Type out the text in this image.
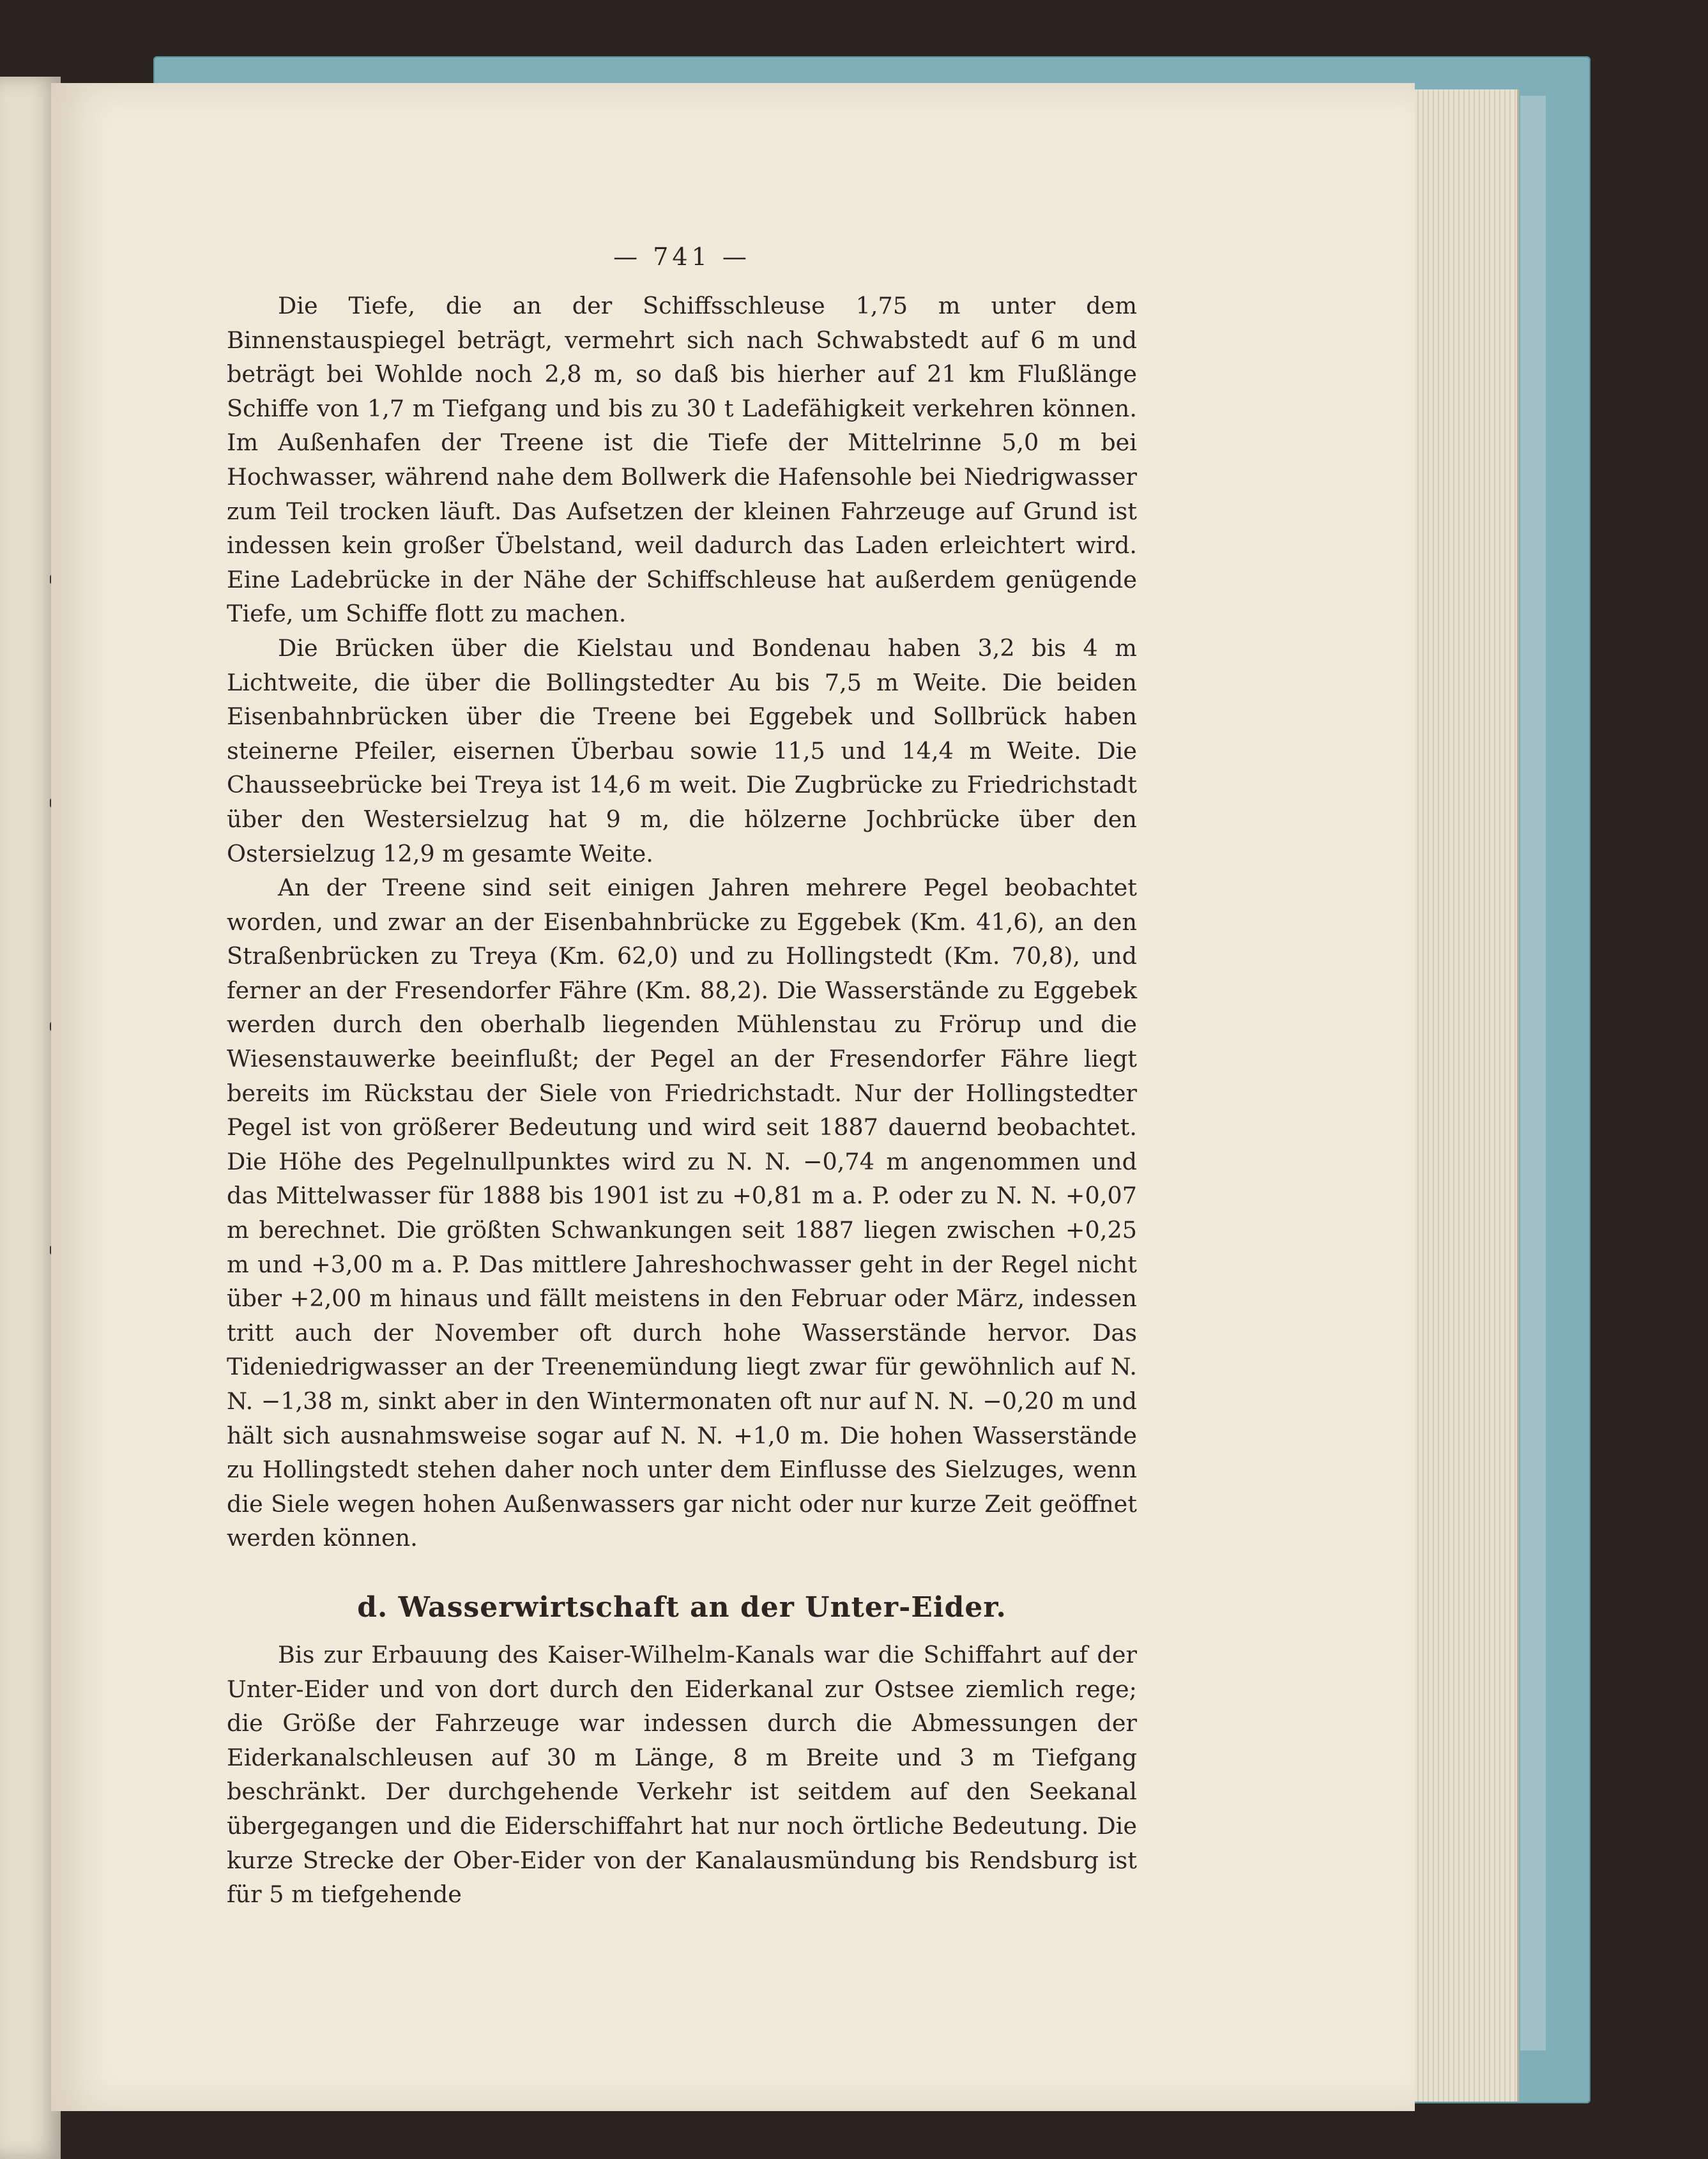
— 741 —

Die Tiefe, die an der Schiffsschleuse 1,75 m unter dem Binnenstauspiegel beträgt, vermehrt sich nach Schwabstedt auf 6 m und beträgt bei Wohlde noch 2,8 m, so daß bis hierher auf 21 km Flußlänge Schiffe von 1,7 m Tiefgang und bis zu 30 t Ladefähigkeit verkehren können. Im Außenhafen der Treene ist die Tiefe der Mittelrinne 5,0 m bei Hochwasser, während nahe dem Bollwerk die Hafensohle bei Niedrigwasser zum Teil trocken läuft. Das Aufsetzen der kleinen Fahrzeuge auf Grund ist indessen kein großer Übelstand, weil dadurch das Laden erleichtert wird. Eine Ladebrücke in der Nähe der Schiffschleuse hat außerdem genügende Tiefe, um Schiffe flott zu machen.

Die Brücken über die Kielstau und Bondenau haben 3,2 bis 4 m Lichtweite, die über die Bollingstedter Au bis 7,5 m Weite. Die beiden Eisenbahnbrücken über die Treene bei Eggebek und Sollbrück haben steinerne Pfeiler, eisernen Überbau sowie 11,5 und 14,4 m Weite. Die Chausseebrücke bei Treya ist 14,6 m weit. Die Zugbrücke zu Friedrichstadt über den Westersielzug hat 9 m, die hölzerne Jochbrücke über den Ostersielzug 12,9 m gesamte Weite.

An der Treene sind seit einigen Jahren mehrere Pegel beobachtet worden, und zwar an der Eisenbahnbrücke zu Eggebek (Km. 41,6), an den Straßenbrücken zu Treya (Km. 62,0) und zu Hollingstedt (Km. 70,8), und ferner an der Fresendorfer Fähre (Km. 88,2). Die Wasserstände zu Eggebek werden durch den oberhalb liegenden Mühlenstau zu Frörup und die Wiesenstauwerke beeinflußt; der Pegel an der Fresendorfer Fähre liegt bereits im Rückstau der Siele von Friedrichstadt. Nur der Hollingstedter Pegel ist von größerer Bedeutung und wird seit 1887 dauernd beobachtet. Die Höhe des Pegelnullpunktes wird zu N. N. −0,74 m angenommen und das Mittelwasser für 1888 bis 1901 ist zu +0,81 m a. P. oder zu N. N. +0,07 m berechnet. Die größten Schwankungen seit 1887 liegen zwischen +0,25 m und +3,00 m a. P. Das mittlere Jahreshochwasser geht in der Regel nicht über +2,00 m hinaus und fällt meistens in den Februar oder März, indessen tritt auch der November oft durch hohe Wasserstände hervor. Das Tideniedrigwasser an der Treenemündung liegt zwar für gewöhnlich auf N. N. −1,38 m, sinkt aber in den Wintermonaten oft nur auf N. N. −0,20 m und hält sich ausnahmsweise sogar auf N. N. +1,0 m. Die hohen Wasserstände zu Hollingstedt stehen daher noch unter dem Einflusse des Sielzuges, wenn die Siele wegen hohen Außenwassers gar nicht oder nur kurze Zeit geöffnet werden können.

d. Wasserwirtschaft an der Unter-Eider.

Bis zur Erbauung des Kaiser-Wilhelm-Kanals war die Schiffahrt auf der Unter-Eider und von dort durch den Eiderkanal zur Ostsee ziemlich rege; die Größe der Fahrzeuge war indessen durch die Abmessungen der Eiderkanalschleusen auf 30 m Länge, 8 m Breite und 3 m Tiefgang beschränkt. Der durchgehende Verkehr ist seitdem auf den Seekanal übergegangen und die Eiderschiffahrt hat nur noch örtliche Bedeutung. Die kurze Strecke der Ober-Eider von der Kanalausmündung bis Rendsburg ist für 5 m tiefgehende
